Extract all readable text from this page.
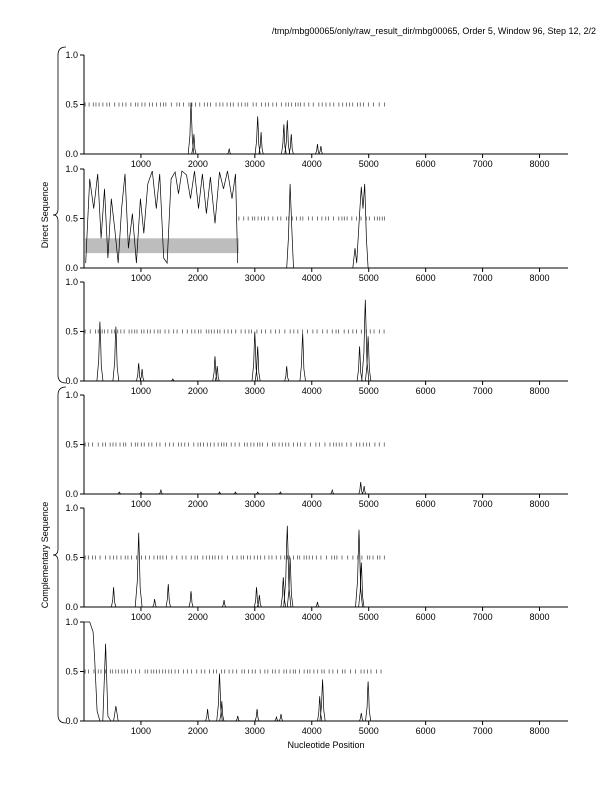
/tmp/mbg00065/only/raw_result_dir/mbg00065, Order 5, Window 96, Step 12, 2/2
0.0
0.5
1.0
1000	2000	3000	4000	5000	6000	7000	8000
0.0
0.5
1.0
1000	2000	3000	4000	5000	6000	7000	8000
0.0
0.5
1.0
1000	2000	3000	4000	5000	6000	7000	8000
0.0
0.5
1.0
1000	2000	3000	4000	5000	6000	7000	8000
0.0
0.5
1.0
1000	2000	3000	4000	5000	6000	7000	8000
0.0
0.5
1.0
1000	2000	3000	4000	5000	6000	7000	8000
Direct Sequence
Complementary Sequence
Nucleotide Position
